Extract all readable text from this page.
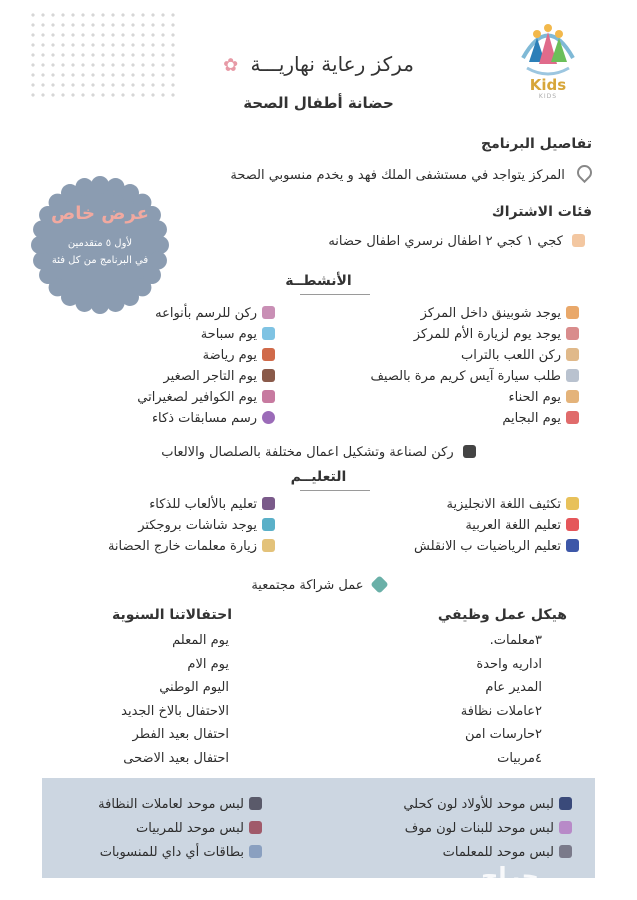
Kids
KIDS
مركز رعاية نهاريـــة ✿
حضانة أطفال الصحة
تفاصيل البرنامج
المركز يتواجد في مستشفى الملك فهد و يخدم منسوبي الصحة
فئات الاشتراك
كجي ١ كجي ٢ اطفال نرسري اطفال حضانه
عرض خاص
لأول ٥ متقدمين
في البرنامج من كل فئة
الأنشطــة
يوجد شوبينق داخل المركز
يوجد يوم لزيارة الأم للمركز
ركن اللعب بالتراب
طلب سيارة آيس كريم مرة بالصيف
يوم الحناء
يوم البجايم
ركن للرسم بأنواعه
يوم سباحة
يوم رياضة
يوم التاجر الصغير
يوم الكوافير لصغيراتي
رسم مسابقات ذكاء
ركن لصناعة وتشكيل اعمال مختلفة بالصلصال والالعاب
التعليــم
تكثيف اللغة الانجليزية
تعليم اللغة العربية
تعليم الرياضيات ب الانقلش
تعليم بالألعاب للذكاء
يوجد شاشات بروجكتر
زيارة معلمات خارج الحضانة
عمل شراكة مجتمعية
هيكل عمل وظيفي
٣معلمات.
اداريه واحدة
المدير عام
٢عاملات نظافة
٢حارسات امن
٤مربيات
احتفالاتنا السنوية
يوم المعلم
يوم الام
اليوم الوطني
الاحتفال بالاخ الجديد
احتفال بعيد الفطر
احتفال بعيد الاضحى
لبس موحد للأولاد لون كحلي
لبس موحد للبنات لون موف
لبس موحد للمعلمات
لبس موحد لعاملات النظافة
لبس موحد للمربيات
بطاقات أي داي للمنسوبات
حراج
